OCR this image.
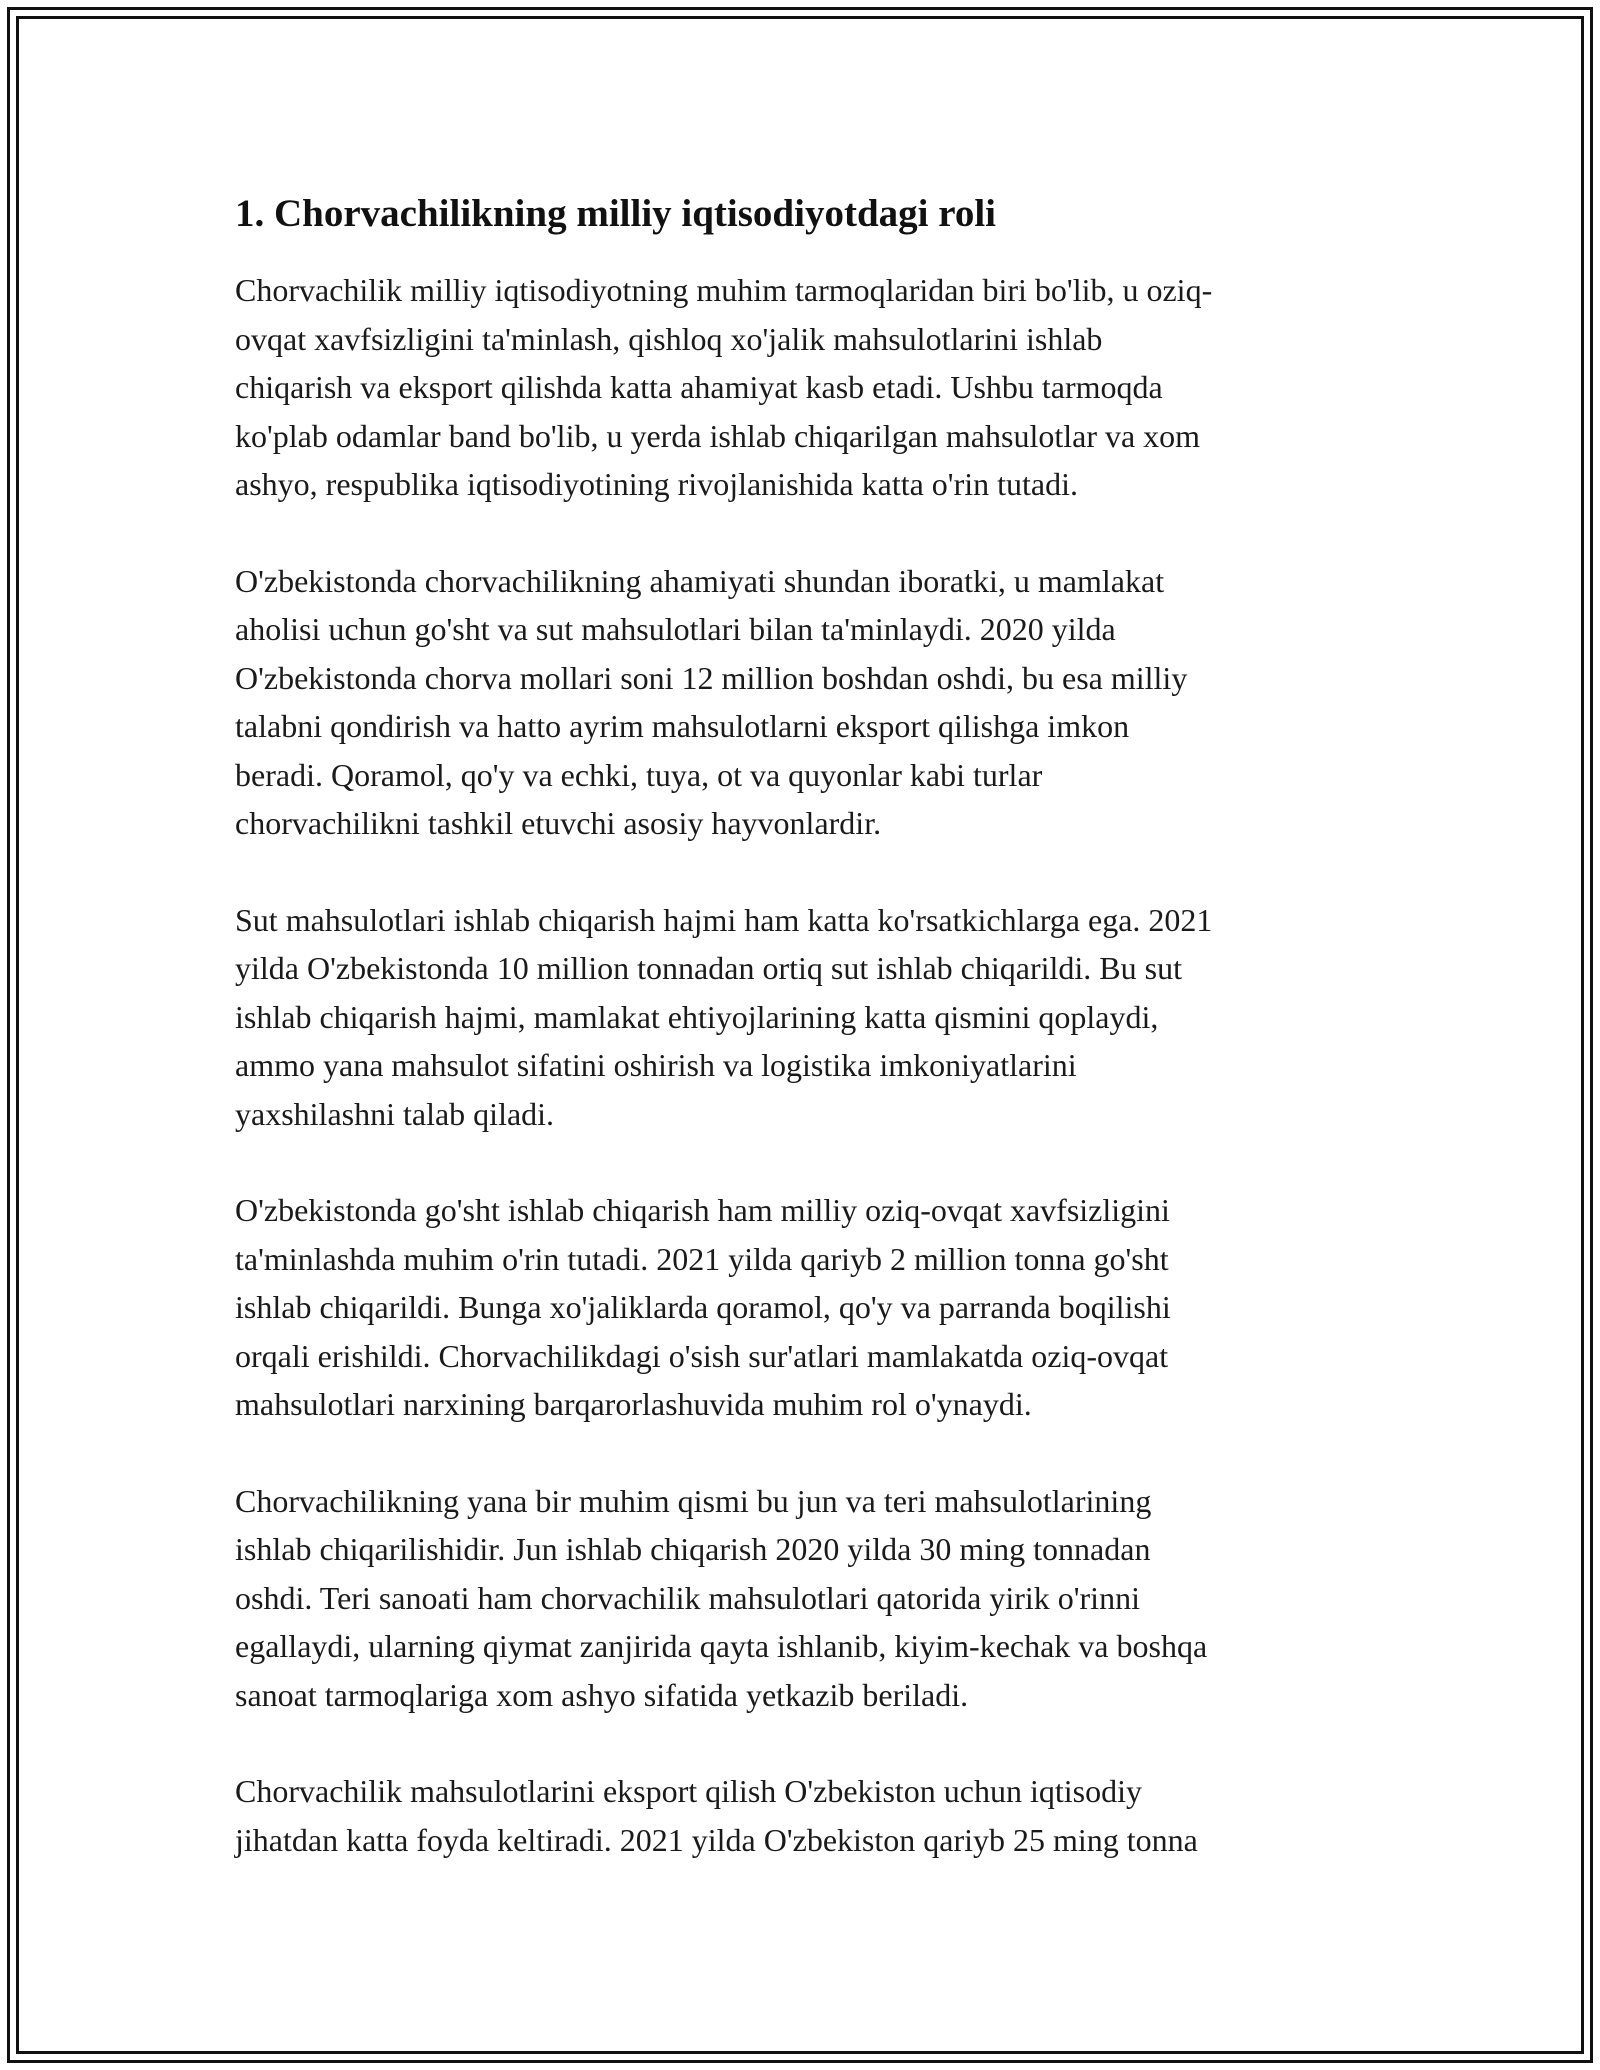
1. Chorvachilikning milliy iqtisodiyotdagi roli

Chorvachilik milliy iqtisodiyotning muhim tarmoqlaridan biri bo'lib, u oziq-
ovqat xavfsizligini ta'minlash, qishloq xo'jalik mahsulotlarini ishlab
chiqarish va eksport qilishda katta ahamiyat kasb etadi. Ushbu tarmoqda
ko'plab odamlar band bo'lib, u yerda ishlab chiqarilgan mahsulotlar va xom
ashyo, respublika iqtisodiyotining rivojlanishida katta o'rin tutadi.

O'zbekistonda chorvachilikning ahamiyati shundan iboratki, u mamlakat
aholisi uchun go'sht va sut mahsulotlari bilan ta'minlaydi. 2020 yilda
O'zbekistonda chorva mollari soni 12 million boshdan oshdi, bu esa milliy
talabni qondirish va hatto ayrim mahsulotlarni eksport qilishga imkon
beradi. Qoramol, qo'y va echki, tuya, ot va quyonlar kabi turlar
chorvachilikni tashkil etuvchi asosiy hayvonlardir.

Sut mahsulotlari ishlab chiqarish hajmi ham katta ko'rsatkichlarga ega. 2021
yilda O'zbekistonda 10 million tonnadan ortiq sut ishlab chiqarildi. Bu sut
ishlab chiqarish hajmi, mamlakat ehtiyojlarining katta qismini qoplaydi,
ammo yana mahsulot sifatini oshirish va logistika imkoniyatlarini
yaxshilashni talab qiladi.

O'zbekistonda go'sht ishlab chiqarish ham milliy oziq-ovqat xavfsizligini
ta'minlashda muhim o'rin tutadi. 2021 yilda qariyb 2 million tonna go'sht
ishlab chiqarildi. Bunga xo'jaliklarda qoramol, qo'y va parranda boqilishi
orqali erishildi. Chorvachilikdagi o'sish sur'atlari mamlakatda oziq-ovqat
mahsulotlari narxining barqarorlashuvida muhim rol o'ynaydi.

Chorvachilikning yana bir muhim qismi bu jun va teri mahsulotlarining
ishlab chiqarilishidir. Jun ishlab chiqarish 2020 yilda 30 ming tonnadan
oshdi. Teri sanoati ham chorvachilik mahsulotlari qatorida yirik o'rinni
egallaydi, ularning qiymat zanjirida qayta ishlanib, kiyim-kechak va boshqa
sanoat tarmoqlariga xom ashyo sifatida yetkazib beriladi.

Chorvachilik mahsulotlarini eksport qilish O'zbekiston uchun iqtisodiy
jihatdan katta foyda keltiradi. 2021 yilda O'zbekiston qariyb 25 ming tonna
